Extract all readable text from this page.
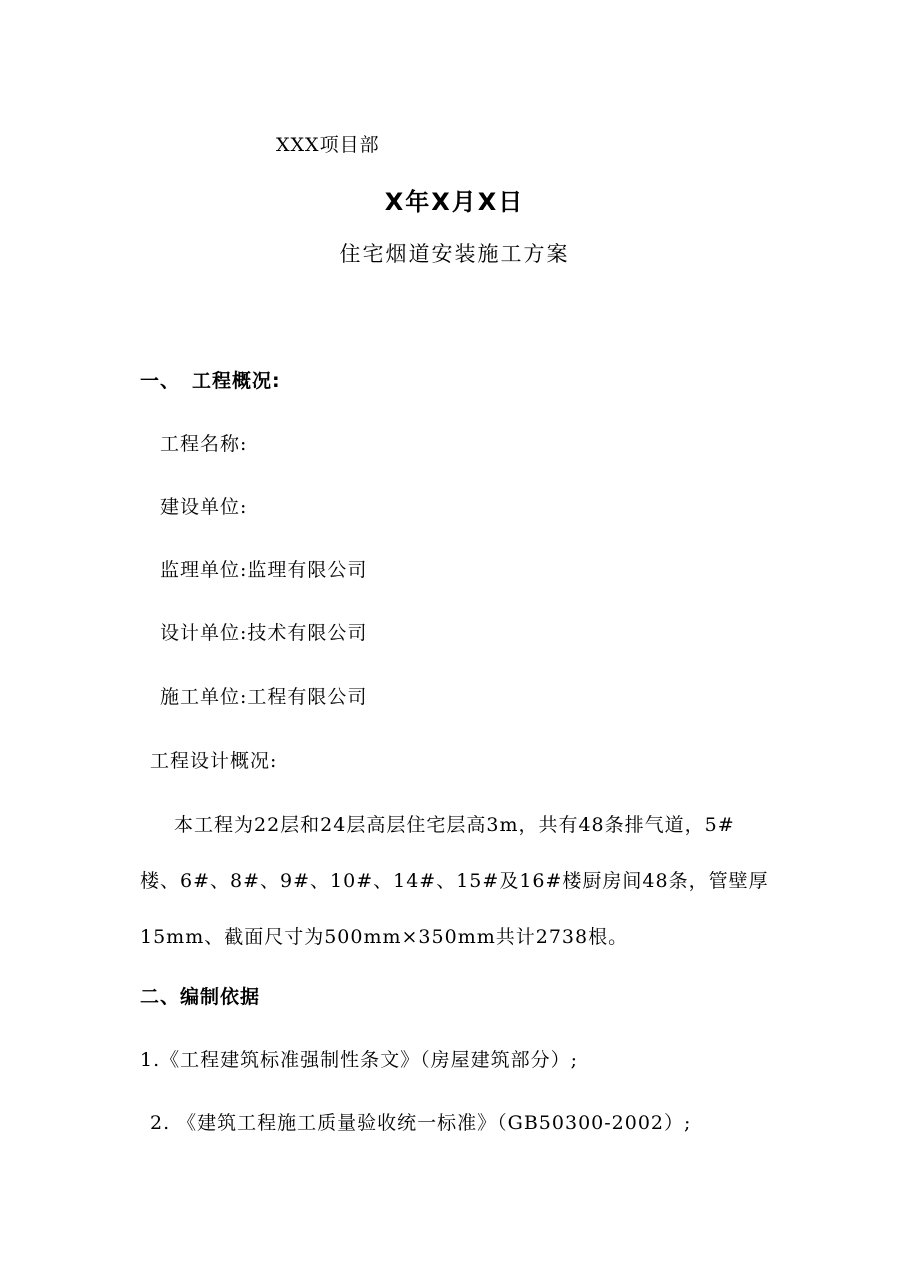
XXX项目部
X年X月X日
住宅烟道安装施工方案
一、 工程概况:
工程名称:
建设单位:
监理单位:监理有限公司
设计单位:技术有限公司
施工单位:工程有限公司
工程设计概况:
本工程为22层和24层高层住宅层高3m，共有48条排气道，5#
楼、6#、8#、9#、10#、14#、15#及16#楼厨房间48条，管壁厚
15mm、截面尺寸为500mm×350mm共计2738根。
二、编制依据
1.《工程建筑标准强制性条文》（房屋建筑部分）;
2. 《建筑工程施工质量验收统一标准》（GB50300-2002）;
